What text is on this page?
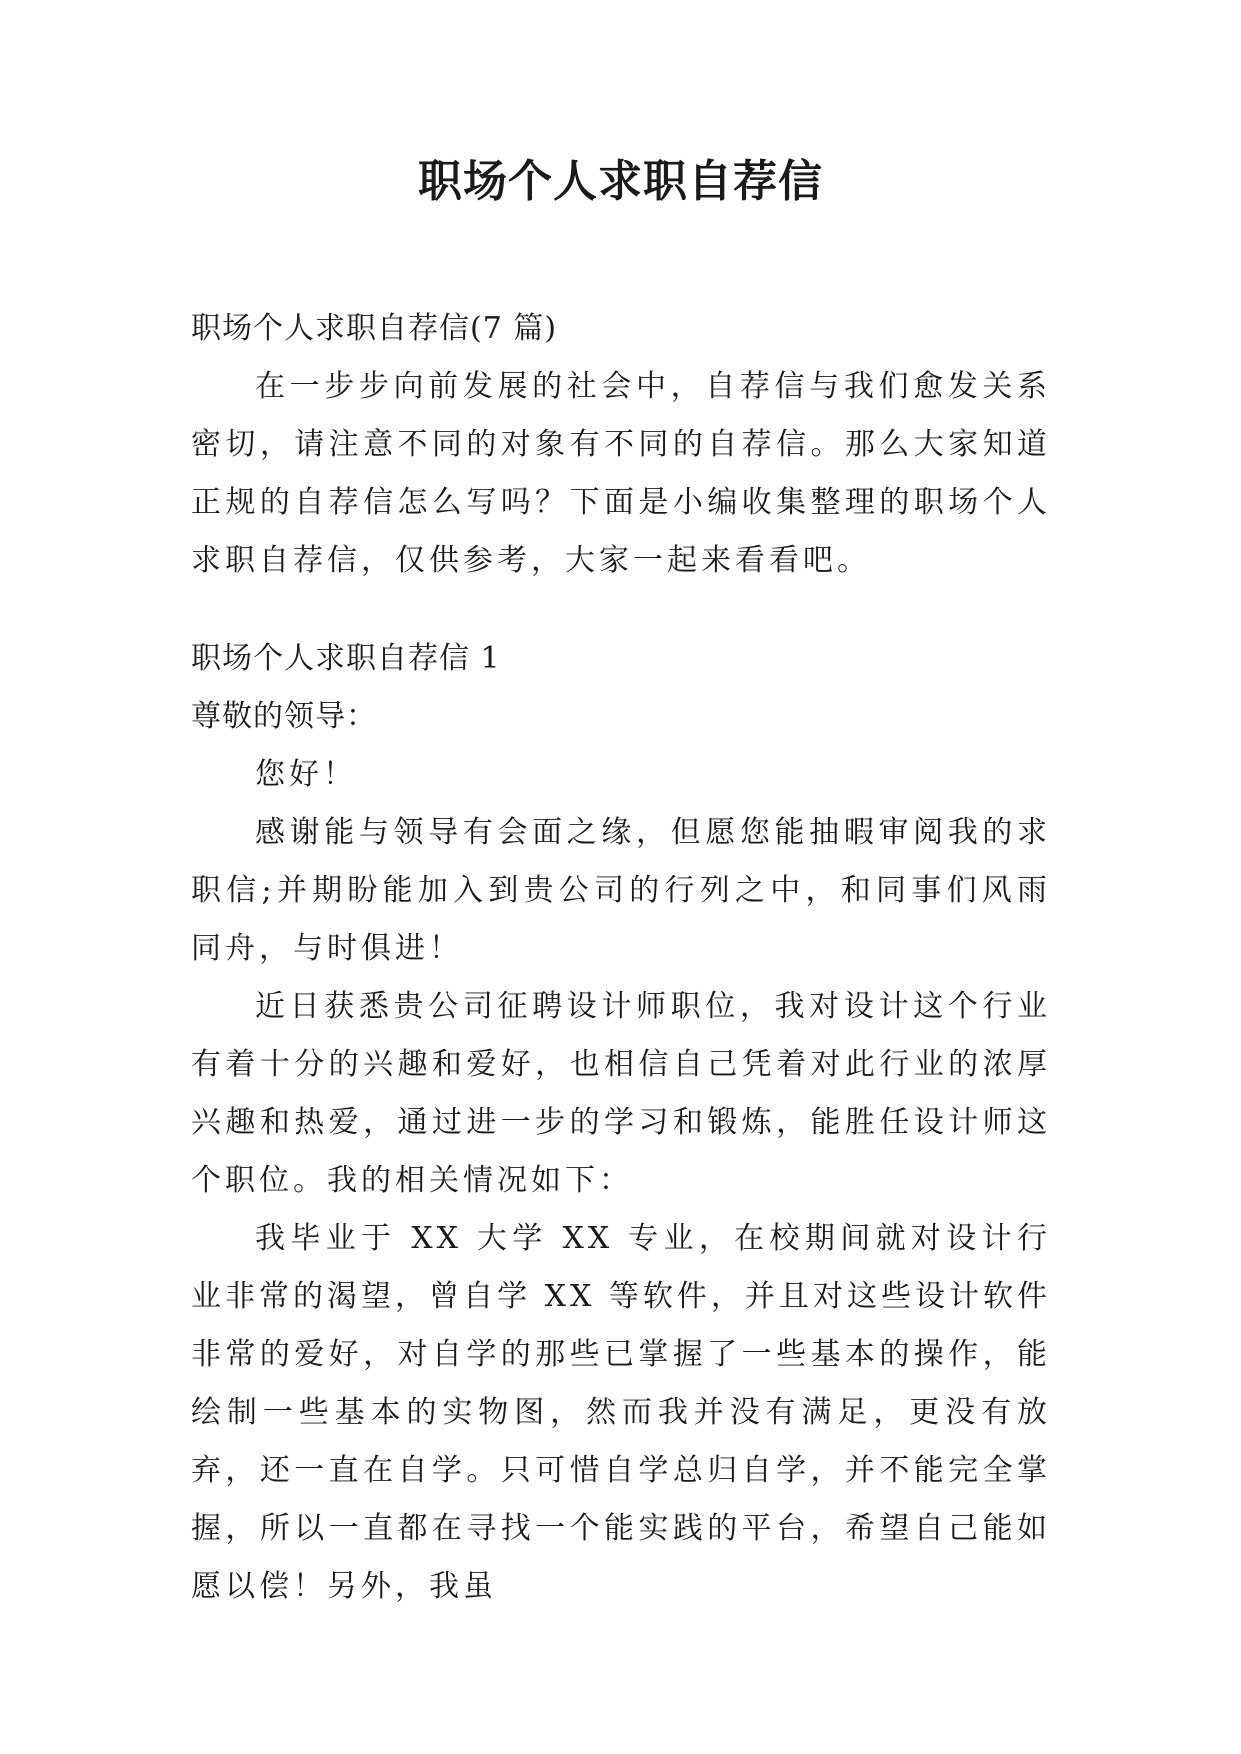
职场个人求职自荐信

职场个人求职自荐信(7 篇)

在一步步向前发展的社会中，自荐信与我们愈发关系密切，请注意不同的对象有不同的自荐信。那么大家知道正规的自荐信怎么写吗？下面是小编收集整理的职场个人求职自荐信，仅供参考，大家一起来看看吧。

职场个人求职自荐信 1

尊敬的领导：

您好！

感谢能与领导有会面之缘，但愿您能抽暇审阅我的求职信;并期盼能加入到贵公司的行列之中，和同事们风雨同舟，与时俱进！

近日获悉贵公司征聘设计师职位，我对设计这个行业有着十分的兴趣和爱好，也相信自己凭着对此行业的浓厚兴趣和热爱，通过进一步的学习和锻炼，能胜任设计师这个职位。我的相关情况如下：

我毕业于 XX 大学 XX 专业，在校期间就对设计行业非常的渴望，曾自学 XX 等软件，并且对这些设计软件非常的爱好，对自学的那些已掌握了一些基本的操作，能绘制一些基本的实物图，然而我并没有满足，更没有放弃，还一直在自学。只可惜自学总归自学，并不能完全掌握，所以一直都在寻找一个能实践的平台，希望自己能如愿以偿！另外，我虽
